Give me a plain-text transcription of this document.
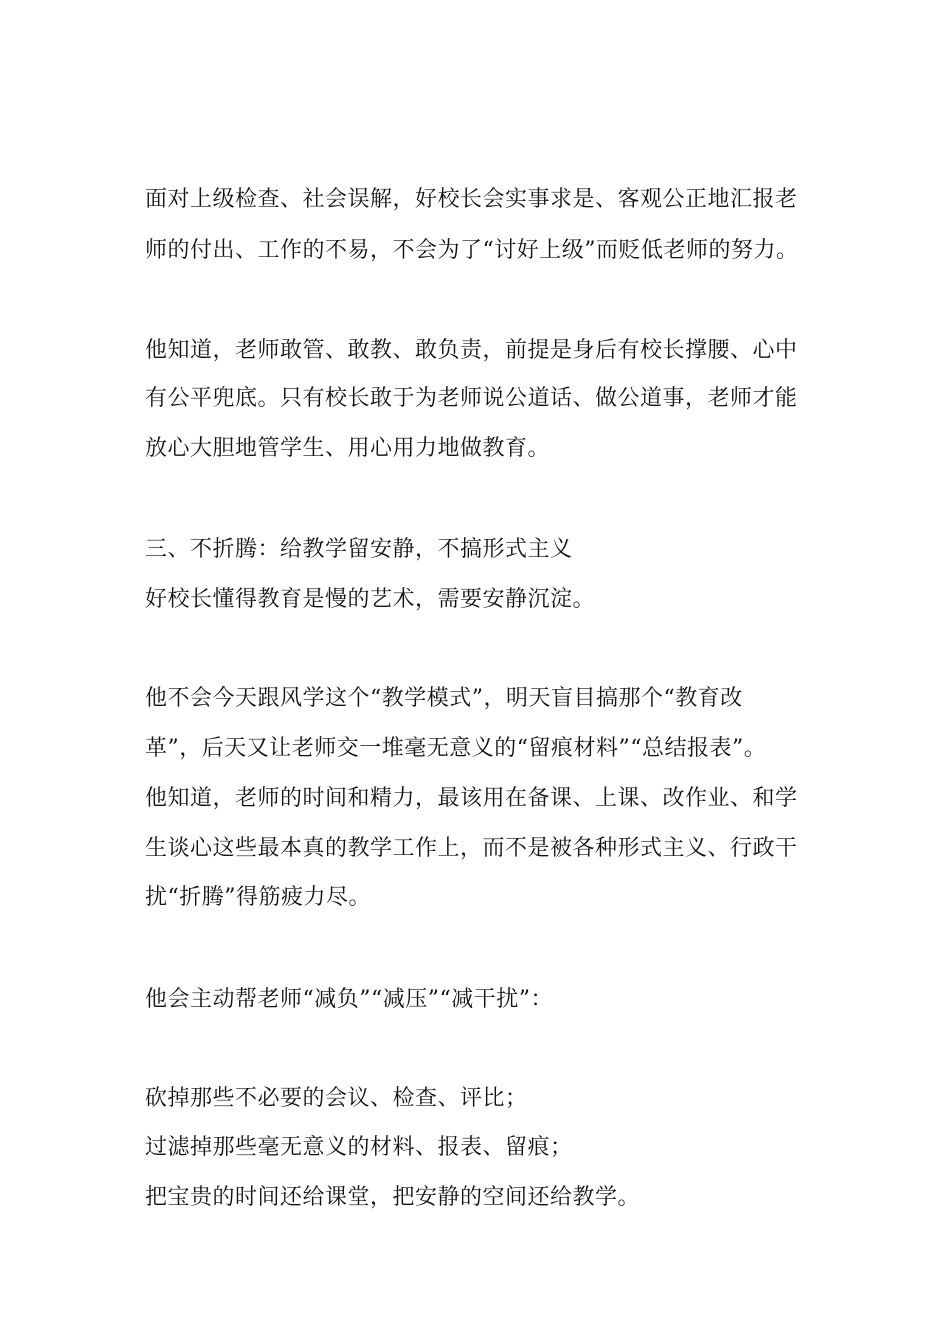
面对上级检查、社会误解，好校长会实事求是、客观公正地汇报老
师的付出、工作的不易，不会为了“讨好上级”而贬低老师的努力。
他知道，老师敢管、敢教、敢负责，前提是身后有校长撑腰、心中
有公平兜底。只有校长敢于为老师说公道话、做公道事，老师才能
放心大胆地管学生、用心用力地做教育。
三、不折腾：给教学留安静，不搞形式主义
好校长懂得教育是慢的艺术，需要安静沉淀。
他不会今天跟风学这个“教学模式”，明天盲目搞那个“教育改
革”，后天又让老师交一堆毫无意义的“留痕材料”“总结报表”。
他知道，老师的时间和精力，最该用在备课、上课、改作业、和学
生谈心这些最本真的教学工作上，而不是被各种形式主义、行政干
扰“折腾”得筋疲力尽。
他会主动帮老师“减负”“减压”“减干扰”：
砍掉那些不必要的会议、检查、评比；
过滤掉那些毫无意义的材料、报表、留痕；
把宝贵的时间还给课堂，把安静的空间还给教学。
